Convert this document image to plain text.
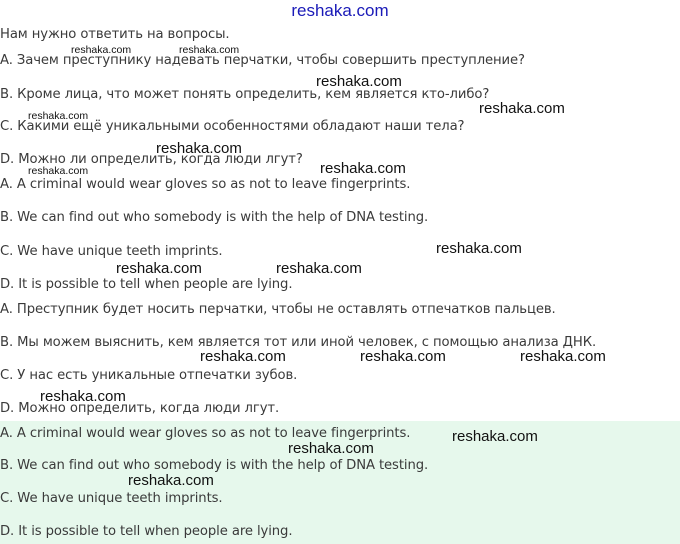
reshaka.com
Нам нужно ответить на вопросы.
A. Зачем преступнику надевать перчатки, чтобы совершить преступление?
B. Кроме лица, что может понять определить, кем является кто-либо?
C. Какими ещё уникальными особенностями обладают наши тела?
D. Можно ли определить, когда люди лгут?
A. A criminal would wear gloves so as not to leave fingerprints.
B. We can find out who somebody is with the help of DNA testing.
C. We have unique teeth imprints.
D. It is possible to tell when people are lying.
A. Преступник будет носить перчатки, чтобы не оставлять отпечатков пальцев.
B. Мы можем выяснить, кем является тот или иной человек, с помощью анализа ДНК.
C. У нас есть уникальные отпечатки зубов.
D. Можно определить, когда люди лгут.
A. A criminal would wear gloves so as not to leave fingerprints.
B. We can find out who somebody is with the help of DNA testing.
C. We have unique teeth imprints.
D. It is possible to tell when people are lying.
reshaka.com	reshaka.com
reshaka.com
reshaka.com
reshaka.com
reshaka.com
reshaka.com	reshaka.com
reshaka.com
reshaka.com	reshaka.com
reshaka.com	reshaka.com	reshaka.com
reshaka.com
reshaka.com
reshaka.com
reshaka.com
